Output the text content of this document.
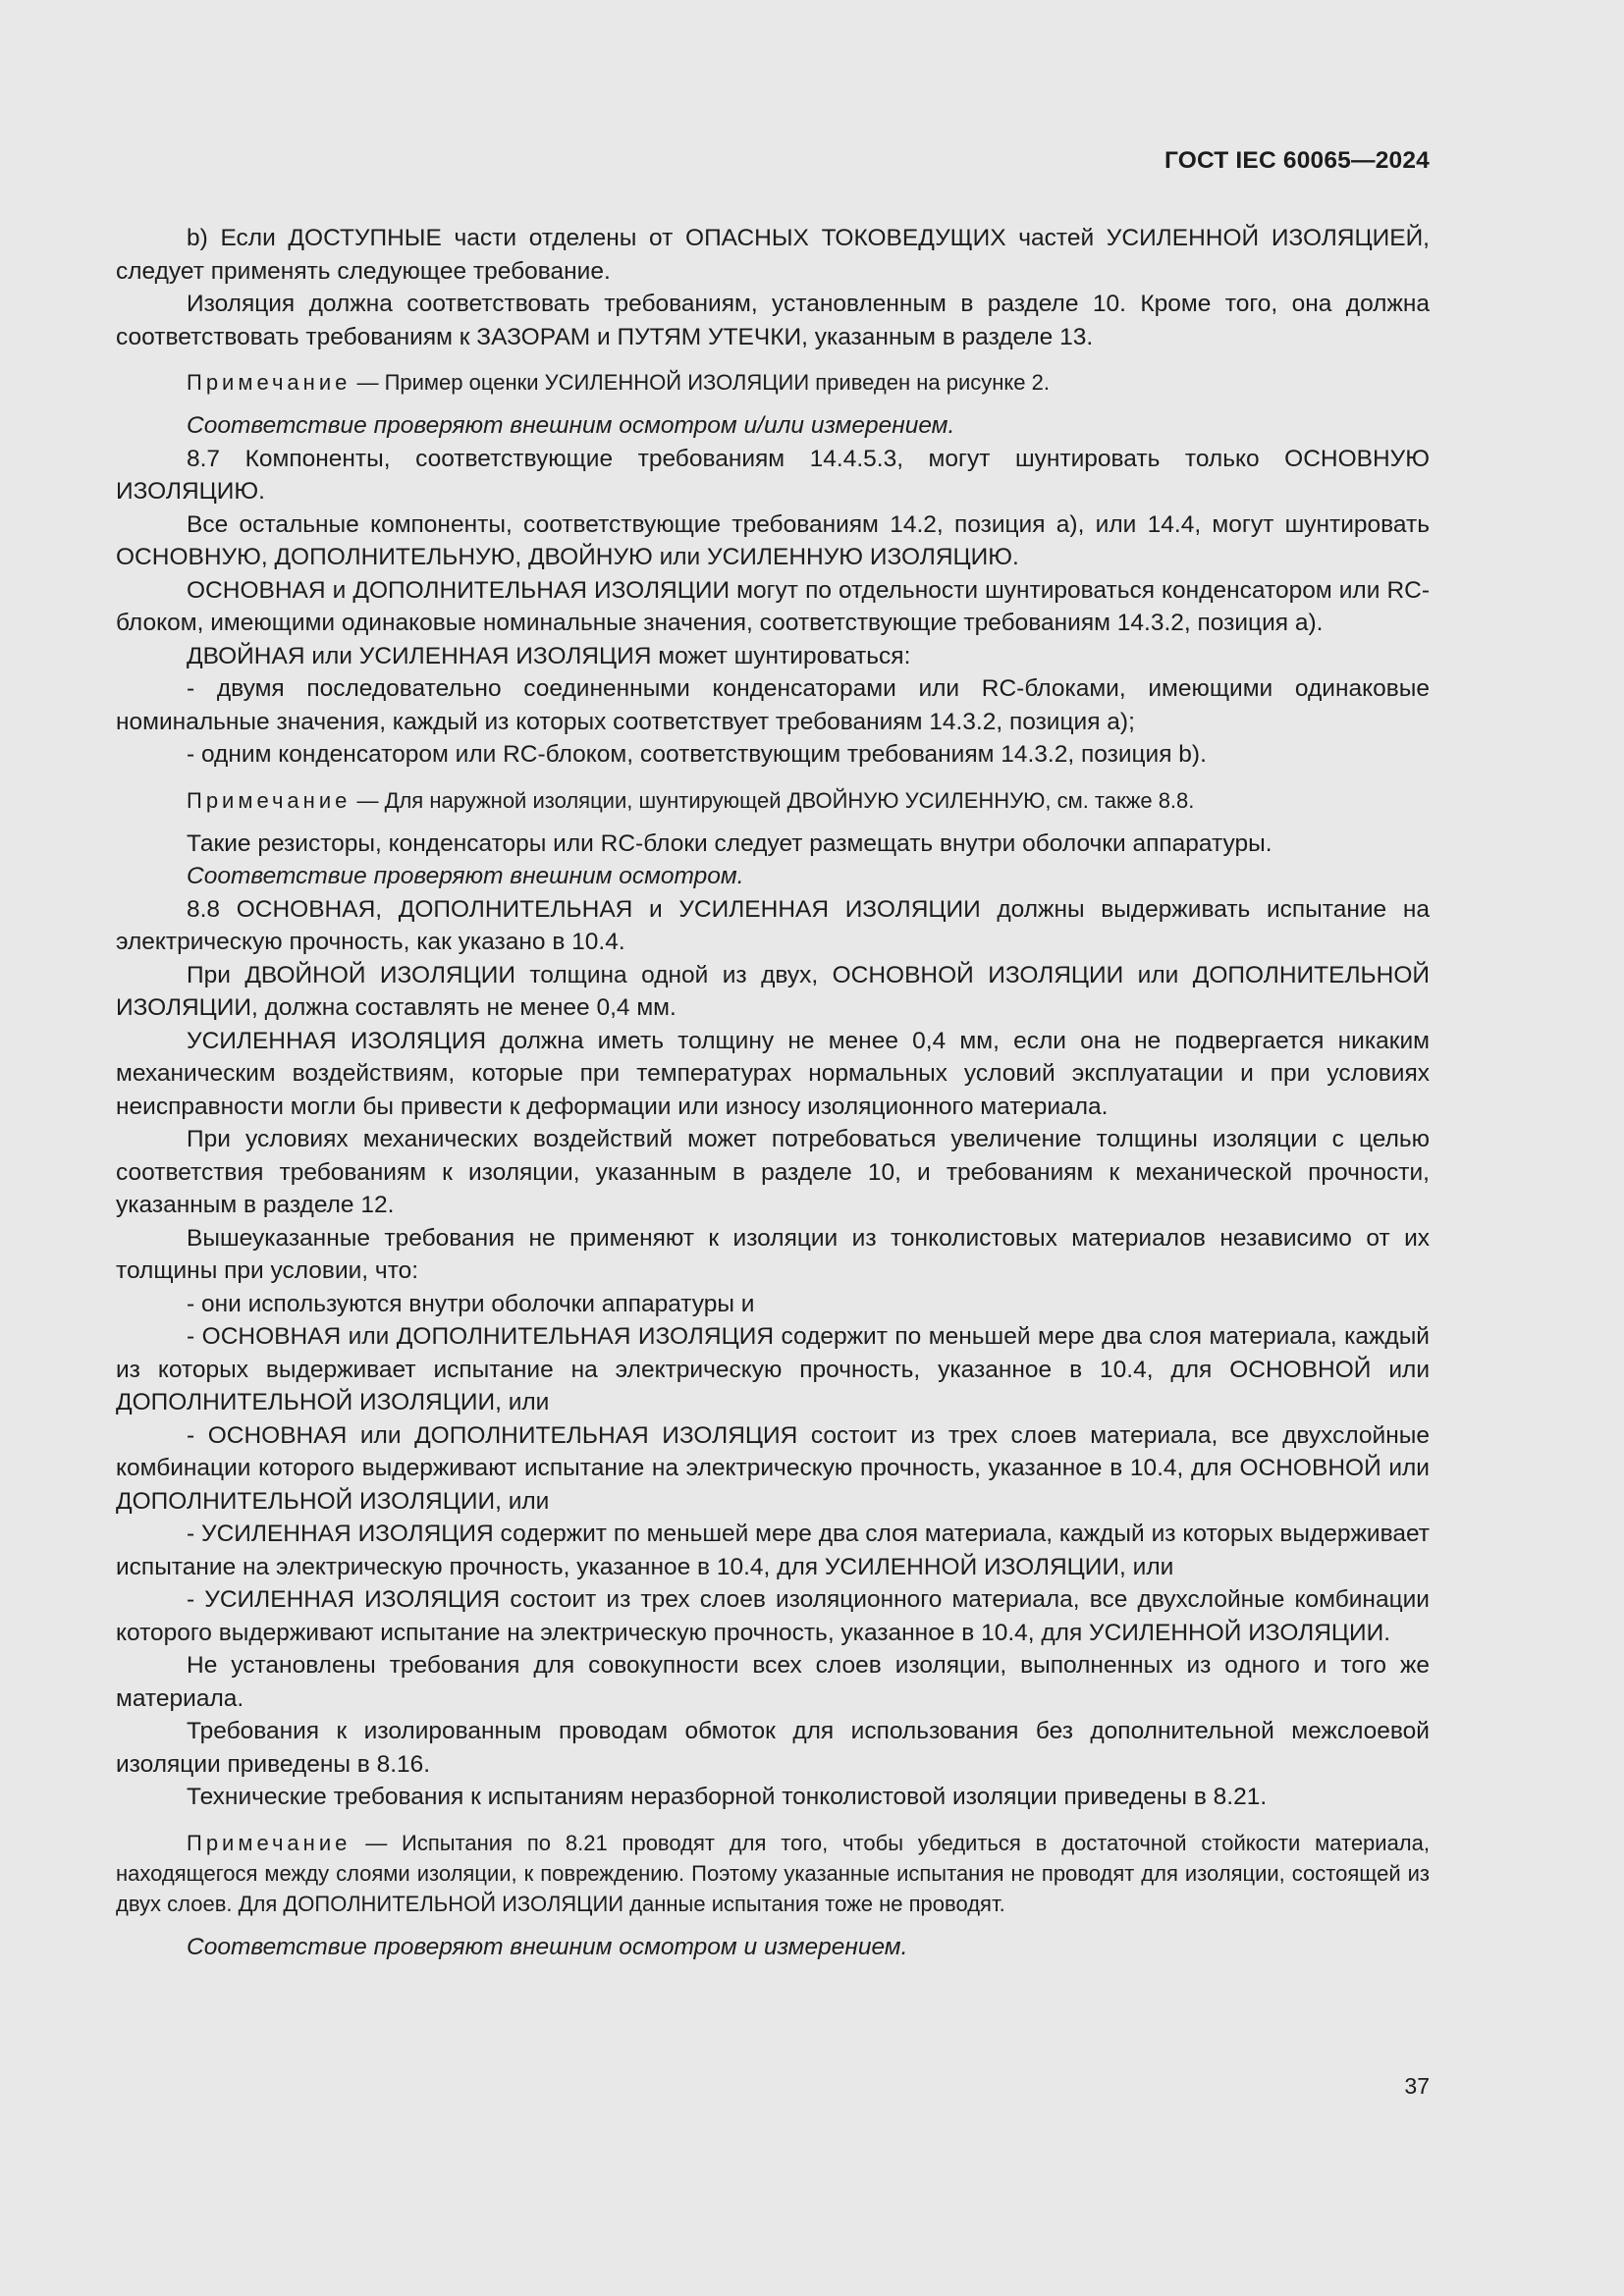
ГОСТ IEC 60065—2024

b) Если ДОСТУПНЫЕ части отделены от ОПАСНЫХ ТОКОВЕДУЩИХ частей УСИЛЕННОЙ ИЗОЛЯЦИЕЙ, следует применять следующее требование.

Изоляция должна соответствовать требованиям, установленным в разделе 10. Кроме того, она должна соответствовать требованиям к ЗАЗОРАМ и ПУТЯМ УТЕЧКИ, указанным в разделе 13.

Примечание — Пример оценки УСИЛЕННОЙ ИЗОЛЯЦИИ приведен на рисунке 2.

Соответствие проверяют внешним осмотром и/или измерением.

8.7 Компоненты, соответствующие требованиям 14.4.5.3, могут шунтировать только ОСНОВНУЮ ИЗОЛЯЦИЮ.

Все остальные компоненты, соответствующие требованиям 14.2, позиция а), или 14.4, могут шунтировать ОСНОВНУЮ, ДОПОЛНИТЕЛЬНУЮ, ДВОЙНУЮ или УСИЛЕННУЮ ИЗОЛЯЦИЮ.

ОСНОВНАЯ и ДОПОЛНИТЕЛЬНАЯ ИЗОЛЯЦИИ могут по отдельности шунтироваться конденсатором или RC-блоком, имеющими одинаковые номинальные значения, соответствующие требованиям 14.3.2, позиция а).

ДВОЙНАЯ или УСИЛЕННАЯ ИЗОЛЯЦИЯ может шунтироваться:

- двумя последовательно соединенными конденсаторами или RC-блоками, имеющими одинаковые номинальные значения, каждый из которых соответствует требованиям 14.3.2, позиция а);

- одним конденсатором или RC-блоком, соответствующим требованиям 14.3.2, позиция b).

Примечание — Для наружной изоляции, шунтирующей ДВОЙНУЮ УСИЛЕННУЮ, см. также 8.8.

Такие резисторы, конденсаторы или RC-блоки следует размещать внутри оболочки аппаратуры.

Соответствие проверяют внешним осмотром.

8.8 ОСНОВНАЯ, ДОПОЛНИТЕЛЬНАЯ и УСИЛЕННАЯ ИЗОЛЯЦИИ должны выдерживать испытание на электрическую прочность, как указано в 10.4.

При ДВОЙНОЙ ИЗОЛЯЦИИ толщина одной из двух, ОСНОВНОЙ ИЗОЛЯЦИИ или ДОПОЛНИТЕЛЬНОЙ ИЗОЛЯЦИИ, должна составлять не менее 0,4 мм.

УСИЛЕННАЯ ИЗОЛЯЦИЯ должна иметь толщину не менее 0,4 мм, если она не подвергается никаким механическим воздействиям, которые при температурах нормальных условий эксплуатации и при условиях неисправности могли бы привести к деформации или износу изоляционного материала.

При условиях механических воздействий может потребоваться увеличение толщины изоляции с целью соответствия требованиям к изоляции, указанным в разделе 10, и требованиям к механической прочности, указанным в разделе 12.

Вышеуказанные требования не применяют к изоляции из тонколистовых материалов независимо от их толщины при условии, что:

- они используются внутри оболочки аппаратуры и

- ОСНОВНАЯ или ДОПОЛНИТЕЛЬНАЯ ИЗОЛЯЦИЯ содержит по меньшей мере два слоя материала, каждый из которых выдерживает испытание на электрическую прочность, указанное в 10.4, для ОСНОВНОЙ или ДОПОЛНИТЕЛЬНОЙ ИЗОЛЯЦИИ, или

- ОСНОВНАЯ или ДОПОЛНИТЕЛЬНАЯ ИЗОЛЯЦИЯ состоит из трех слоев материала, все двухслойные комбинации которого выдерживают испытание на электрическую прочность, указанное в 10.4, для ОСНОВНОЙ или ДОПОЛНИТЕЛЬНОЙ ИЗОЛЯЦИИ, или

- УСИЛЕННАЯ ИЗОЛЯЦИЯ содержит по меньшей мере два слоя материала, каждый из которых выдерживает испытание на электрическую прочность, указанное в 10.4, для УСИЛЕННОЙ ИЗОЛЯЦИИ, или

- УСИЛЕННАЯ ИЗОЛЯЦИЯ состоит из трех слоев изоляционного материала, все двухслойные комбинации которого выдерживают испытание на электрическую прочность, указанное в 10.4, для УСИЛЕННОЙ ИЗОЛЯЦИИ.

Не установлены требования для совокупности всех слоев изоляции, выполненных из одного и того же материала.

Требования к изолированным проводам обмоток для использования без дополнительной межслоевой изоляции приведены в 8.16.

Технические требования к испытаниям неразборной тонколистовой изоляции приведены в 8.21.

Примечание — Испытания по 8.21 проводят для того, чтобы убедиться в достаточной стойкости материала, находящегося между слоями изоляции, к повреждению. Поэтому указанные испытания не проводят для изоляции, состоящей из двух слоев. Для ДОПОЛНИТЕЛЬНОЙ ИЗОЛЯЦИИ данные испытания тоже не проводят.

Соответствие проверяют внешним осмотром и измерением.

37
